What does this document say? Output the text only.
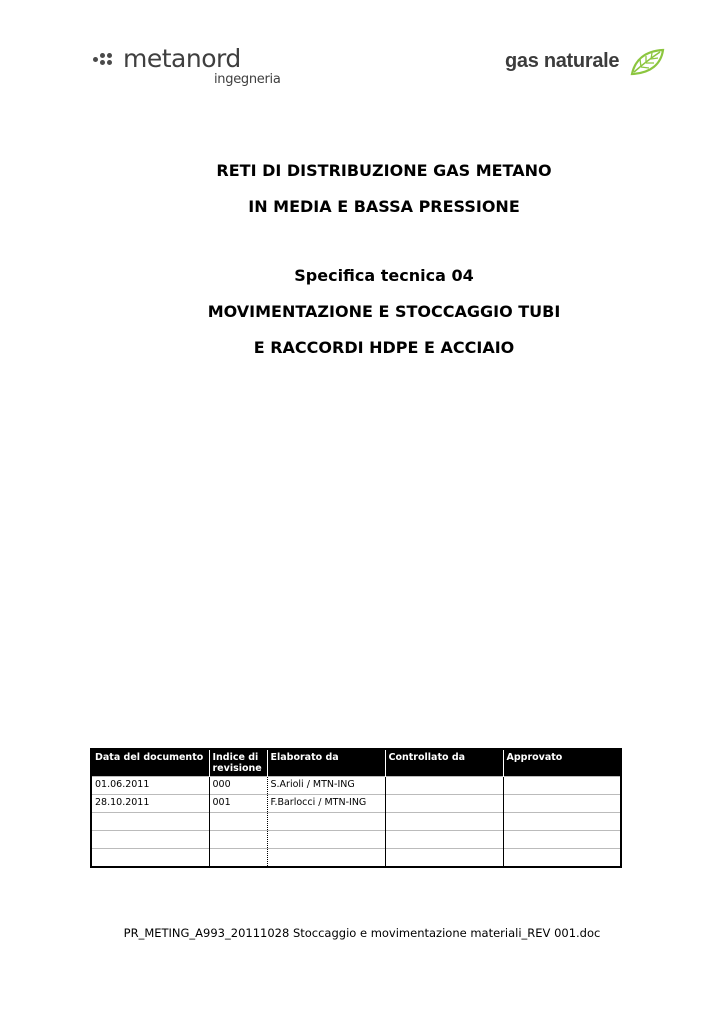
metanord
ingegneria
gas naturale
RETI DI DISTRIBUZIONE GAS METANO
IN MEDIA E BASSA PRESSIONE
Specifica tecnica 04
MOVIMENTAZIONE E STOCCAGGIO TUBI
E RACCORDI HDPE E ACCIAIO
Data del documento	Indice di revisione	Elaborato da	Controllato da	Approvato
01.06.2011	000	S.Arioli / MTN-ING		
28.10.2011	001	F.Barlocci / MTN-ING		

PR_METING_A993_20111028 Stoccaggio e movimentazione materiali_REV 001.doc
